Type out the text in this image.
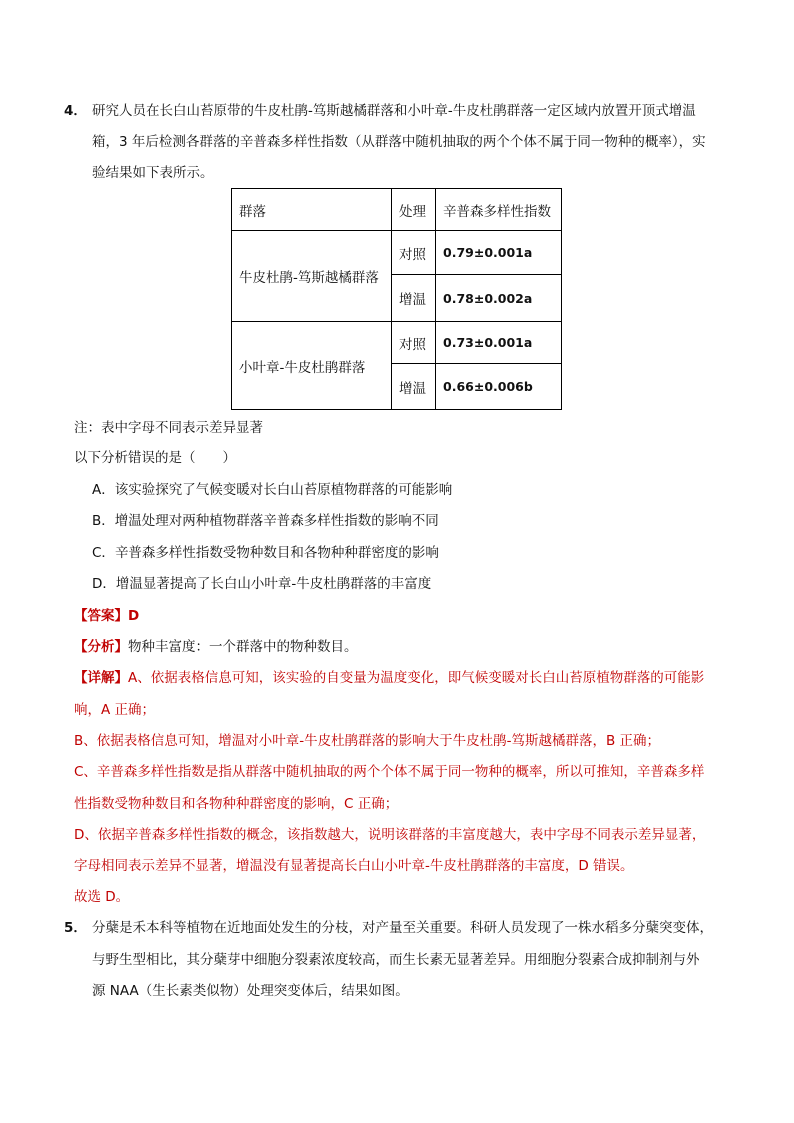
4． 研究人员在长白山苔原带的牛皮杜鹃-笃斯越橘群落和小叶章-牛皮杜鹃群落一定区域内放置开顶式增温
箱，3 年后检测各群落的辛普森多样性指数（从群落中随机抽取的两个个体不属于同一物种的概率），实
验结果如下表所示。
群落	处理	辛普森多样性指数
牛皮杜鹃-笃斯越橘群落
对照	0.79±0.001a
增温	0.78±0.002a
小叶章-牛皮杜鹃群落
对照	0.73±0.001a
增温	0.66±0.006b
注：表中字母不同表示差异显著
以下分析错误的是（　　）
A．该实验探究了气候变暖对长白山苔原植物群落的可能影响
B．增温处理对两种植物群落辛普森多样性指数的影响不同
C．辛普森多样性指数受物种数目和各物种种群密度的影响
D．增温显著提高了长白山小叶章-牛皮杜鹃群落的丰富度
【答案】D
【分析】物种丰富度：一个群落中的物种数目。
【详解】A、依据表格信息可知，该实验的自变量为温度变化，即气候变暖对长白山苔原植物群落的可能影
响，A 正确；
B、依据表格信息可知，增温对小叶章-牛皮杜鹃群落的影响大于牛皮杜鹃-笃斯越橘群落，B 正确；
C、辛普森多样性指数是指从群落中随机抽取的两个个体不属于同一物种的概率，所以可推知，辛普森多样
性指数受物种数目和各物种种群密度的影响，C 正确；
D、依据辛普森多样性指数的概念，该指数越大，说明该群落的丰富度越大，表中字母不同表示差异显著，
字母相同表示差异不显著，增温没有显著提高长白山小叶章-牛皮杜鹃群落的丰富度，D 错误。
故选 D。
5． 分蘖是禾本科等植物在近地面处发生的分枝，对产量至关重要。科研人员发现了一株水稻多分蘖突变体，
与野生型相比，其分蘖芽中细胞分裂素浓度较高，而生长素无显著差异。用细胞分裂素合成抑制剂与外
源 NAA（生长素类似物）处理突变体后，结果如图。
